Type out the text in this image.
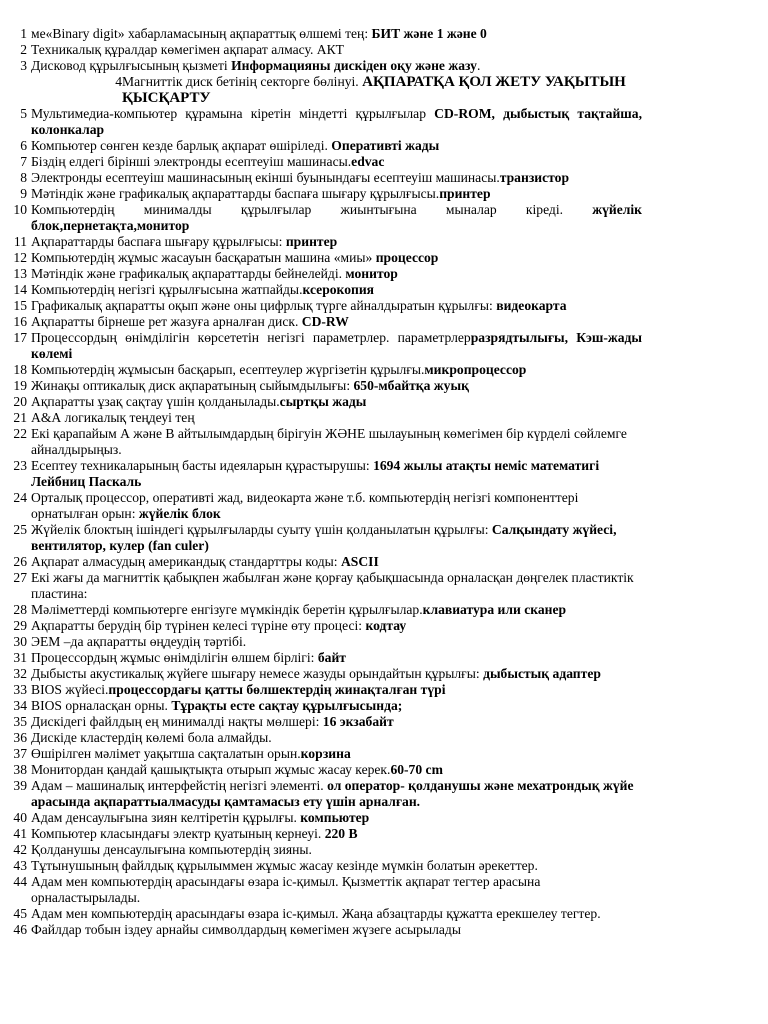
1 ме«Binary digit» хабарламасының ақпараттық өлшемі тең: БИТ және 1 және 0
2 Техникалық құралдар көмегімен ақпарат алмасу. АКТ
3 Дисковод құрылғысының қызметі Информацияны дискіден оқу және жазу.
4 Магниттік диск бетінің секторге бөлінуі. АҚПАРАТҚА ҚОЛ ЖЕТУ УАҚЫТЫН ҚЫСҚАРТУ
5 Мультимедиа-компьютер құрамына кіретін міндетті құрылғылар CD-ROM, дыбыстық тақтайша, колонкалар
6 Компьютер сөнген кезде барлық ақпарат өшіріледі. Оперативті жады
7 Біздің елдегі бірінші электронды есептеуіш машинасы.edvac
8 Электронды есептеуіш машинасының екінші буынындағы есептеуіш машинасы.транзистор
9 Мәтіндік және графикалық ақпараттарды баспаға шығару құрылғысы.принтер
10 Компьютердің минималды құрылғылар жиынтығына мыналар кіреді. жүйелік блок,пернетақта,монитор
11 Ақпараттарды баспаға шығару құрылғысы: принтер
12 Компьютердің жұмыс жасауын басқаратын машина «миы» процессор
13 Мәтіндік және графикалық ақпараттарды бейнелейді. монитор
14 Компьютердің негізгі құрылғысына жатпайды.ксерокопия
15 Графикалық ақпаратты оқып және оны цифрлық түрге айналдыратын құрылғы: видеокарта
16 Ақпаратты бірнеше рет жазуға арналған диск. CD-RW
17 Процессордың өнімділігін көрсететін негізгі параметрлер. параметрлерразрядтылығы, Кэш-жады көлемі
18 Компьютердің жұмысын басқарып, есептеулер жүргізетін құрылғы.микропроцессор
19 Жинақы оптикалық диск ақпаратының сыйымдылығы: 650-мбайтқа жуық
20 Ақпаратты ұзақ сақтау үшін қолданылады.сыртқы жады
21 А&А логикалық теңдеуі тең
22 Екі қарапайым А және В айтылымдардың бірігуін ЖӘНЕ шылауының көмегімен бір күрделі сөйлемге айналдырыңыз.
23 Есептеу техникаларының басты идеяларын құрастырушы: 1694 жылы атақты неміс математигі Лейбниц Паскаль
24 Орталық процессор, оперативті жад, видеокарта және т.б. компьютердің негізгі компоненттері орнатылған орын: жүйелік блок
25 Жүйелік блоктың ішіндегі құрылғыларды суыту үшін қолданылатын құрылғы: Салқындату жүйесі, вентилятор, кулер (fan culer)
26 Ақпарат алмасудың американдық стандарттры коды: ASCII
27 Екі жағы да магниттік қабықпен жабылған және қорғау қабықшасында орналасқан дөңгелек пластиктік пластина:
28 Мәліметтерді компьютерге енгізуге мүмкіндік беретін құрылғылар.клавиатура или сканер
29 Ақпаратты берудің бір түрінен келесі түріне өту процесі: кодтау
30 ЭЕМ –да ақпаратты өңдеудің тәртібі.
31 Процессордың жұмыс өнімділігін өлшем бірлігі: байт
32 Дыбысты акустикалық жүйеге шығару немесе жазуды орындайтын құрылғы: дыбыстық адаптер
33 BIOS жүйесі.процессордағы қатты бөлшектердің жинақталған түрі
34 BIOS орналасқан орны. Тұрақты есте сақтау құрылғысында;
35 Дискідегі файлдың ең минималді нақты мөлшері: 16 экзабайт
36 Дискіде кластердің көлемі бола алмайды.
37 Өшірілген мәлімет уақытша сақталатын орын.корзина
38 Монитордан қандай қашықтықта отырып жұмыс жасау керек.60-70 cm
39 Адам – машиналық интерфейстің негізгі элементі. ол оператор- қолданушы және мехатрондық жүйе арасында ақпараттыалмасуды қамтамасыз ету үшін арналған.
40 Адам денсаулығына зиян келтіретін құрылғы. компьютер
41 Компьютер класындағы электр қуатының кернеуі. 220 В
42 Қолданушы денсаулығына компьютердің зияны.
43 Тұтынушының файлдық құрылыммен жұмыс жасау кезінде мүмкін болатын әрекеттер.
44 Адам мен компьютердің арасындағы өзара іс-қимыл. Қызметтік ақпарат тегтер арасына орналастырылады.
45 Адам мен компьютердің арасындағы өзара іс-қимыл. Жаңа абзацтарды құжатта ерекшелеу тегтер.
46 Файлдар тобын іздеу арнайы символдардың көмегімен жүзеге асырылады
